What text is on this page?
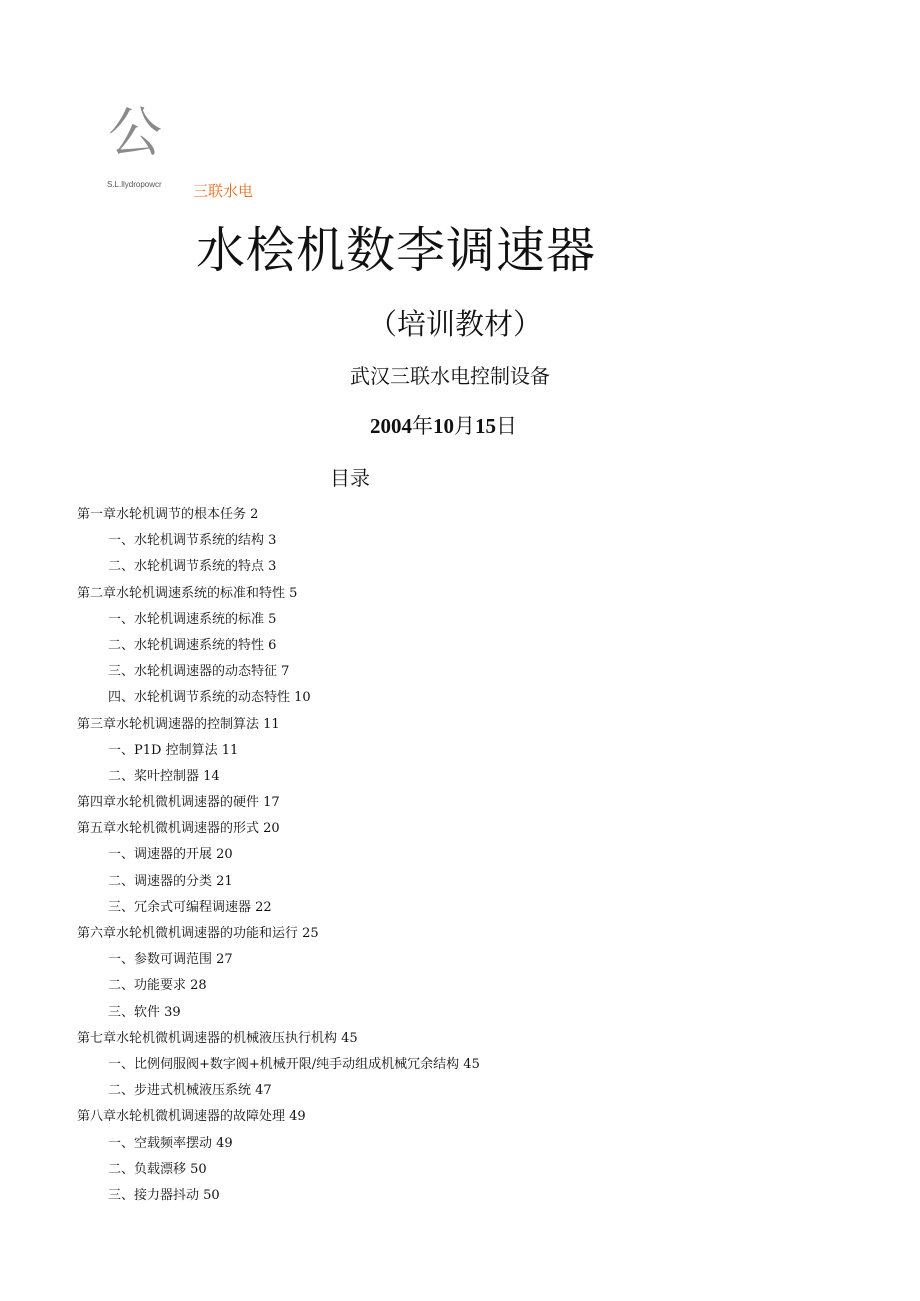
公
S.L.llydropowcr 三联水电
水桧机数李调速器
（培训教材）
武汉三联水电控制设备
2004年10月15日
目录
第一章水轮机调节的根本任务 2
一、水轮机调节系统的结构 3
二、水轮机调节系统的特点 3
第二章水轮机调速系统的标准和特性 5
一、水轮机调速系统的标准 5
二、水轮机调速系统的特性 6
三、水轮机调速器的动态特征 7
四、水轮机调节系统的动态特性 10
第三章水轮机调速器的控制算法 11
一、P1D 控制算法 11
二、桨叶控制器 14
第四章水轮机微机调速器的硬件 17
第五章水轮机微机调速器的形式 20
一、调速器的开展 20
二、调速器的分类 21
三、冗余式可编程调速器 22
第六章水轮机微机调速器的功能和运行 25
一、参数可调范围 27
二、功能要求 28
三、软件 39
第七章水轮机微机调速器的机械液压执行机构 45
一、比例伺服阀+数字阀+机械开限/纯手动组成机械冗余结构 45
二、步进式机械液压系统 47
第八章水轮机微机调速器的故障处理 49
一、空载频率摆动 49
二、负载漂移 50
三、接力器抖动 50
